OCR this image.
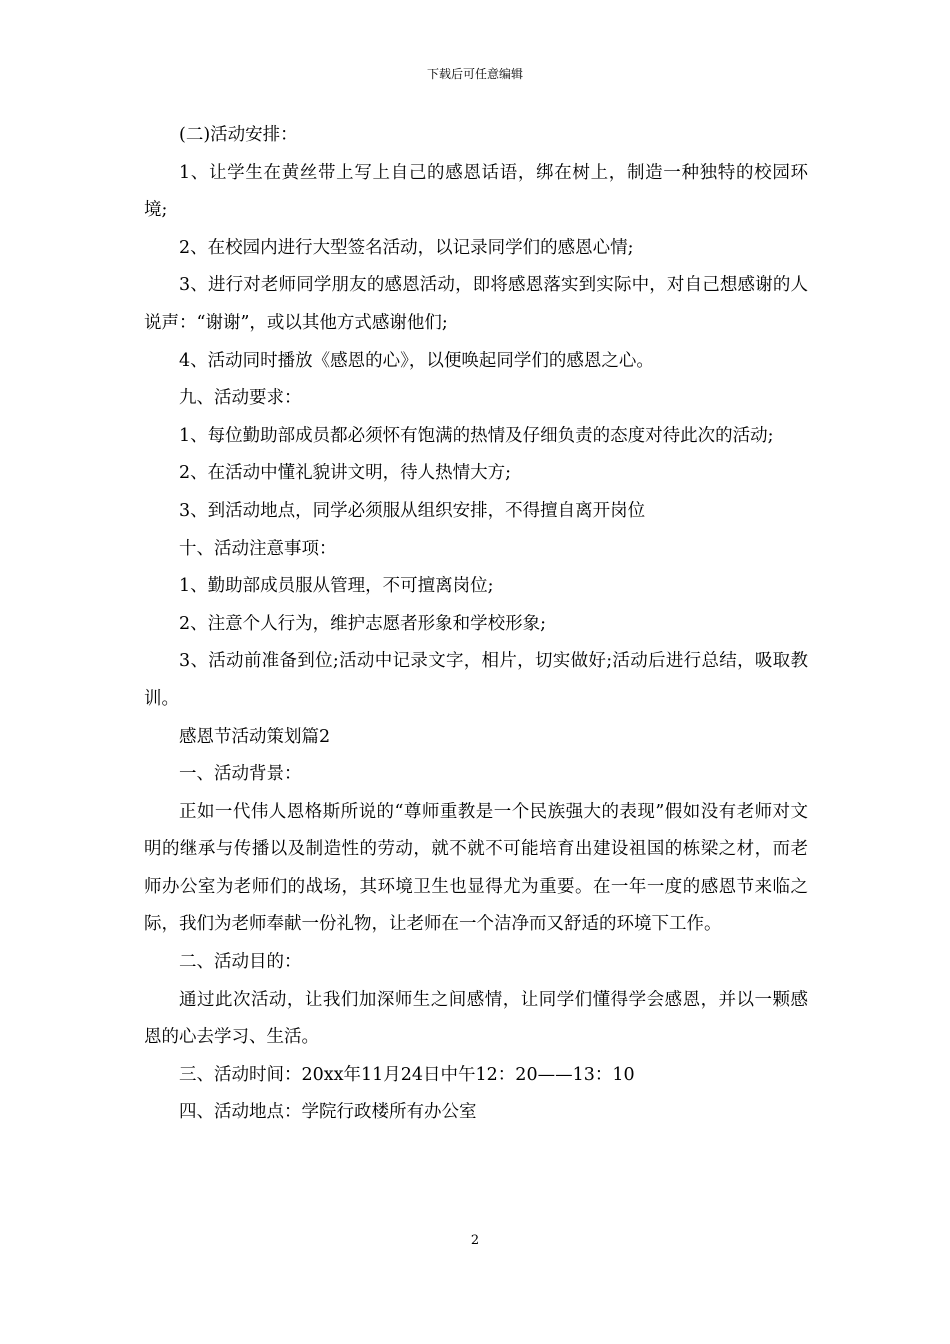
下载后可任意编辑

(二)活动安排：

1、让学生在黄丝带上写上自己的感恩话语，绑在树上，制造一种独特的校园环境;

2、在校园内进行大型签名活动，以记录同学们的感恩心情;

3、进行对老师同学朋友的感恩活动，即将感恩落实到实际中，对自己想感谢的人说声：“谢谢”，或以其他方式感谢他们;

4、活动同时播放《感恩的心》，以便唤起同学们的感恩之心。

九、活动要求：

1、每位勤助部成员都必须怀有饱满的热情及仔细负责的态度对待此次的活动;

2、在活动中懂礼貌讲文明，待人热情大方;

3、到活动地点，同学必须服从组织安排，不得擅自离开岗位

十、活动注意事项：

1、勤助部成员服从管理，不可擅离岗位;

2、注意个人行为，维护志愿者形象和学校形象;

3、活动前准备到位;活动中记录文字，相片，切实做好;活动后进行总结，吸取教训。

感恩节活动策划篇2

一、活动背景：

正如一代伟人恩格斯所说的“尊师重教是一个民族强大的表现”假如没有老师对文明的继承与传播以及制造性的劳动，就不就不可能培育出建设祖国的栋梁之材，而老师办公室为老师们的战场，其环境卫生也显得尤为重要。在一年一度的感恩节来临之际，我们为老师奉献一份礼物，让老师在一个洁净而又舒适的环境下工作。

二、活动目的：

通过此次活动，让我们加深师生之间感情，让同学们懂得学会感恩，并以一颗感恩的心去学习、生活。

三、活动时间：20xx年11月24日中午12：20——13：10

四、活动地点：学院行政楼所有办公室

2
